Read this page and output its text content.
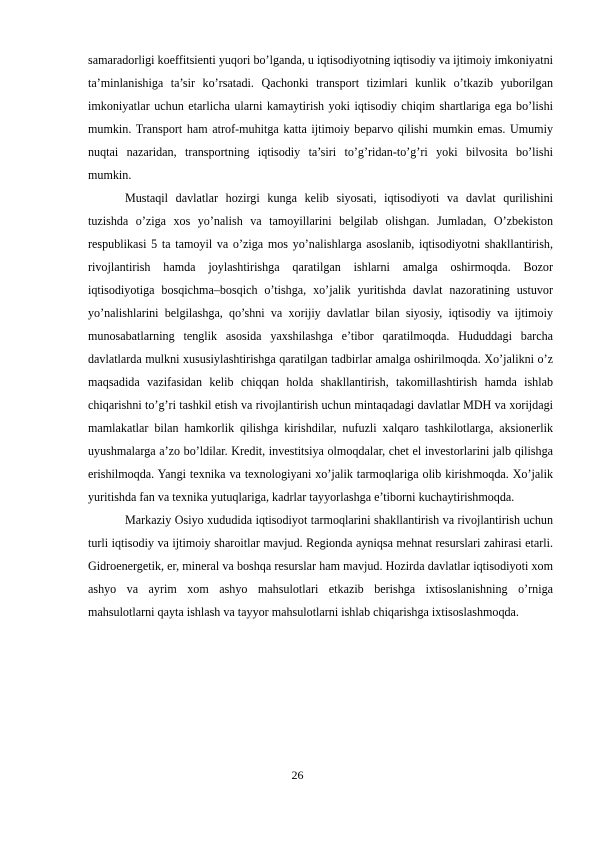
samaradorligi koeffitsienti yuqori bo’lganda, u iqtisodiyotning iqtisodiy va ijtimoiy imkoniyatni ta’minlanishiga ta’sir ko’rsatadi. Qachonki transport tizimlari kunlik o’tkazib yuborilgan imkoniyatlar uchun etarlicha ularni kamaytirish yoki iqtisodiy chiqim shartlariga ega bo’lishi mumkin. Transport ham atrof-muhitga katta ijtimoiy beparvo qilishi mumkin emas. Umumiy nuqtai nazaridan, transportning iqtisodiy ta’siri to’g’ridan-to’g’ri yoki bilvosita bo’lishi mumkin.

Mustaqil davlatlar hozirgi kunga kelib siyosati, iqtisodiyoti va davlat qurilishini tuzishda o’ziga xos yo’nalish va tamoyillarini belgilab olishgan. Jumladan, O’zbekiston respublikasi 5 ta tamoyil va o’ziga mos yo’nalishlarga asoslanib, iqtisodiyotni shakllantirish, rivojlantirish hamda joylashtirishga qaratilgan ishlarni amalga oshirmoqda. Bozor iqtisodiyotiga bosqichma–bosqich o’tishga, xo’jalik yuritishda davlat nazoratining ustuvor yo’nalishlarini belgilashga, qo’shni va xorijiy davlatlar bilan siyosiy, iqtisodiy va ijtimoiy munosabatlarning tenglik asosida yaxshilashga e’tibor qaratilmoqda. Hududdagi barcha davlatlarda mulkni xususiylashtirishga qaratilgan tadbirlar amalga oshirilmoqda. Xo’jalikni o’z maqsadida vazifasidan kelib chiqqan holda shakllantirish, takomillashtirish hamda ishlab chiqarishni to’g’ri tashkil etish va rivojlantirish uchun mintaqadagi davlatlar MDH va xorijdagi mamlakatlar bilan hamkorlik qilishga kirishdilar, nufuzli xalqaro tashkilotlarga, aksionerlik uyushmalarga a’zo bo’ldilar. Kredit, investitsiya olmoqdalar, chet el investorlarini jalb qilishga erishilmoqda. Yangi texnika va texnologiyani xo’jalik tarmoqlariga olib kirishmoqda. Xo’jalik yuritishda fan va texnika yutuqlariga, kadrlar tayyorlashga e’tiborni kuchaytirishmoqda.

Markaziy Osiyo xududida iqtisodiyot tarmoqlarini shakllantirish va rivojlantirish uchun turli iqtisodiy va ijtimoiy sharoitlar mavjud. Regionda ayniqsa mehnat resurslari zahirasi etarli. Gidroenergetik, er, mineral va boshqa resurslar ham mavjud. Hozirda davlatlar iqtisodiyoti xom ashyo va ayrim xom ashyo mahsulotlari etkazib berishga ixtisoslanishning o’rniga mahsulotlarni qayta ishlash va tayyor mahsulotlarni ishlab chiqarishga ixtisoslashmoqda.

26
